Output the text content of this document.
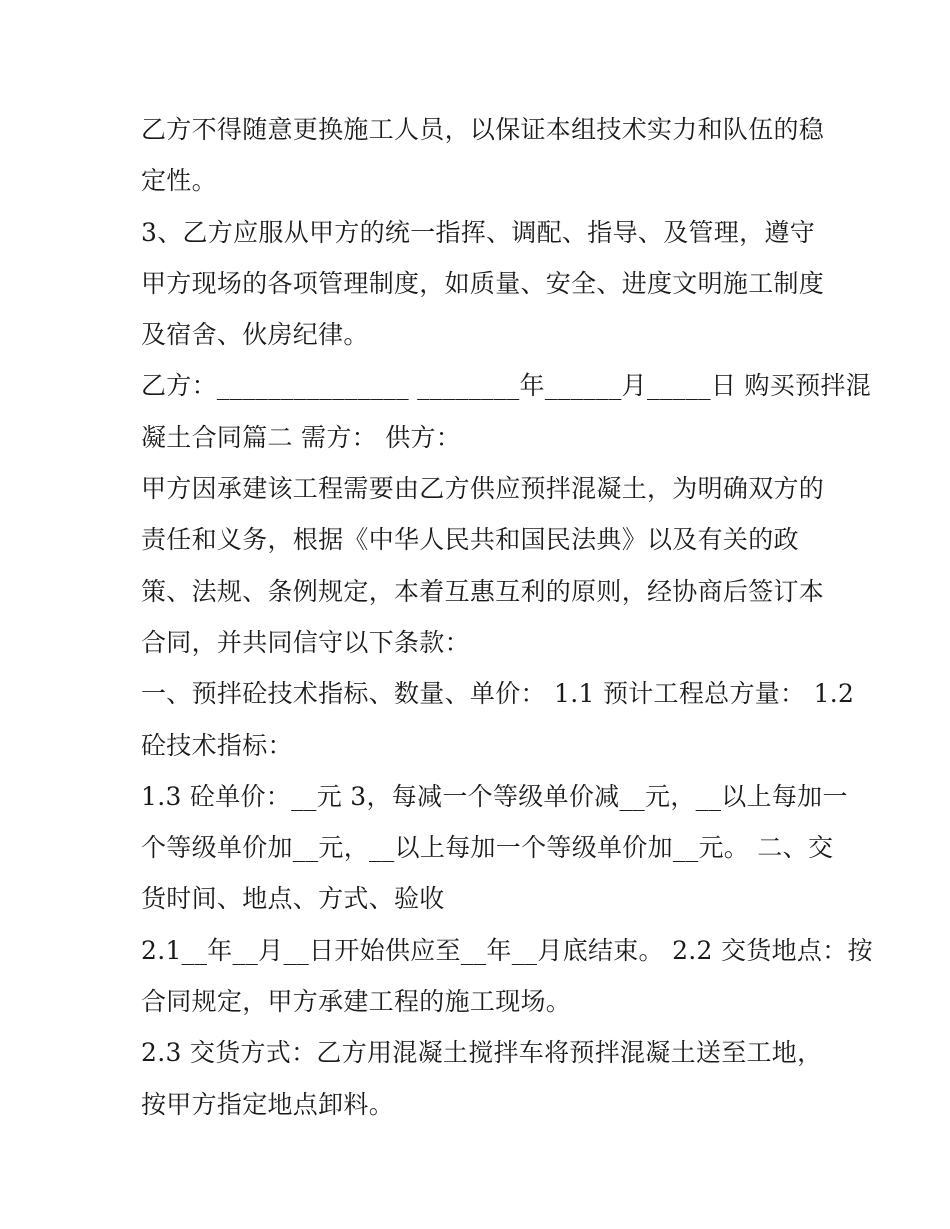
乙方不得随意更换施工人员，以保证本组技术实力和队伍的稳
定性。
3、乙方应服从甲方的统一指挥、调配、指导、及管理，遵守
甲方现场的各项管理制度，如质量、安全、进度文明施工制度
及宿舍、伙房纪律。
乙方：_______________ ________年______月_____日 购买预拌混
凝土合同篇二 需方： 供方：
甲方因承建该工程需要由乙方供应预拌混凝土，为明确双方的
责任和义务，根据《中华人民共和国民法典》以及有关的政
策、法规、条例规定，本着互惠互利的原则，经协商后签订本
合同，并共同信守以下条款：
一、预拌砼技术指标、数量、单价： 1.1 预计工程总方量： 1.2
砼技术指标：
1.3 砼单价：__元 3，每减一个等级单价减__元，__以上每加一
个等级单价加__元，__以上每加一个等级单价加__元。 二、交
货时间、地点、方式、验收
2.1__年__月__日开始供应至__年__月底结束。 2.2 交货地点：按
合同规定，甲方承建工程的施工现场。
2.3 交货方式：乙方用混凝土搅拌车将预拌混凝土送至工地，
按甲方指定地点卸料。
